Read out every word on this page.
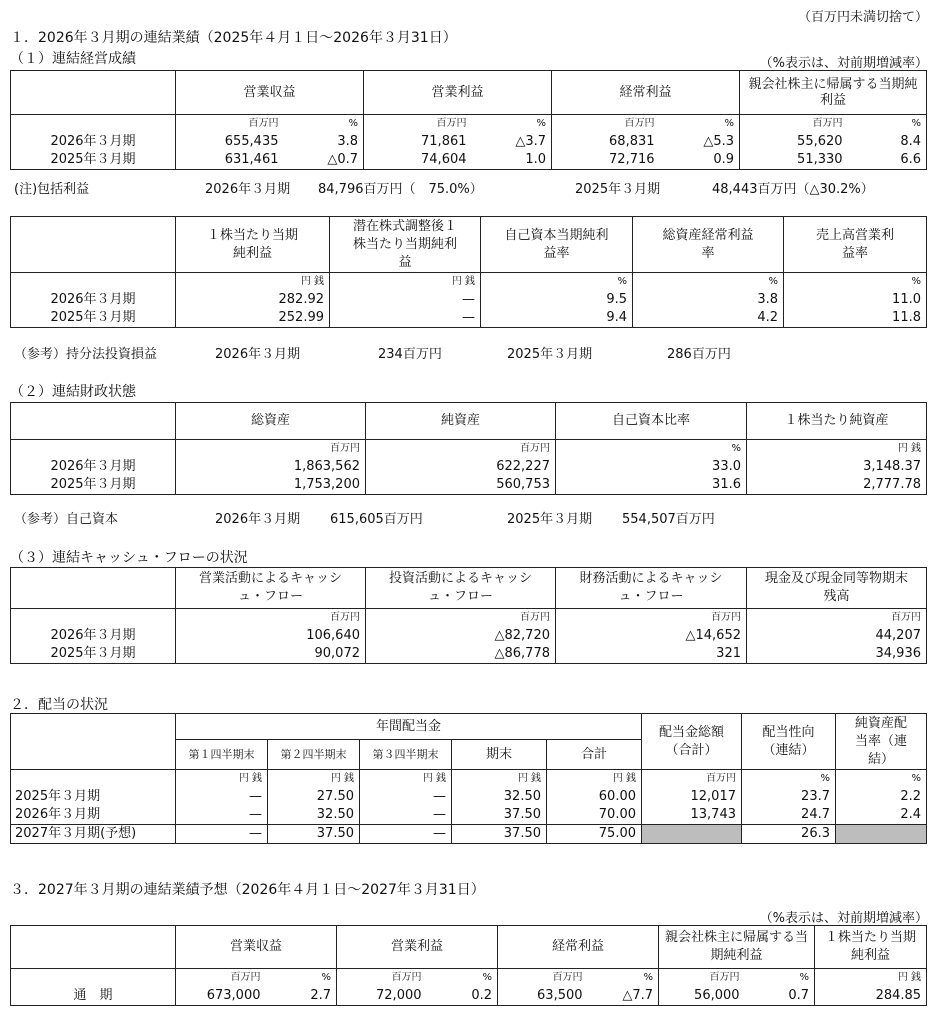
（百万円未満切捨て）
１．2026年３月期の連結業績（2025年４月１日～2026年３月31日）
（１）連結経営成績	（%表示は、対前期増減率）
	営業収益		営業利益		経常利益		親会社株主に帰属する当期純利益	
	百万円	%	百万円	%	百万円	%	百万円	%
2026年３月期	655,435	3.8	71,861	△3.7	68,831	△5.3	55,620	8.4
2025年３月期	631,461	△0.7	74,604	1.0	72,716	0.9	51,330	6.6
(注)包括利益	2026年３月期 84,796百万円（　75.0%）	2025年３月期	48,443百万円（△30.2%）
	１株当たり当期純利益	潜在株式調整後１株当たり当期純利益	自己資本当期純利益率	総資産経常利益率	売上高営業利益率
	円 銭	円 銭	%	%	%
2026年３月期	282.92	—	9.5	3.8	11.0
2025年３月期	252.99	—	9.4	4.2	11.8
（参考）持分法投資損益	2026年３月期	234百万円	2025年３月期	286百万円
（２）連結財政状態
	総資産	純資産	自己資本比率	１株当たり純資産
	百万円	百万円	%	円 銭
2026年３月期	1,863,562	622,227	33.0	3,148.37
2025年３月期	1,753,200	560,753	31.6	2,777.78
（参考）自己資本	2026年３月期 615,605百万円	2025年３月期 554,507百万円
（３）連結キャッシュ・フローの状況
	営業活動によるキャッシュ・フロー	投資活動によるキャッシュ・フロー	財務活動によるキャッシュ・フロー	現金及び現金同等物期末残高
	百万円	百万円	百万円	百万円
2026年３月期	106,640	△82,720	△14,652	44,207
2025年３月期	90,072	△86,778	321	34,936
２．配当の状況
	年間配当金					配当金総額（合計）	配当性向（連結）	純資産配当率（連結）
	第１四半期末	第２四半期末	第３四半期末	期末	合計			
	円 銭	円 銭	円 銭	円 銭	円 銭	百万円	%	%
2025年３月期	—	27.50	—	32.50	60.00	12,017	23.7	2.2
2026年３月期	—	32.50	—	37.50	70.00	13,743	24.7	2.4
2027年３月期(予想)	—	37.50	—	37.50	75.00		26.3	
３．2027年３月期の連結業績予想（2026年４月１日～2027年３月31日）
（%表示は、対前期増減率）
	営業収益		営業利益		経常利益		親会社株主に帰属する当期純利益		１株当たり当期純利益
	百万円	%	百万円	%	百万円	%	百万円	%	円 銭
通　期	673,000	2.7	72,000	0.2	63,500	△7.7	56,000	0.7	284.85
